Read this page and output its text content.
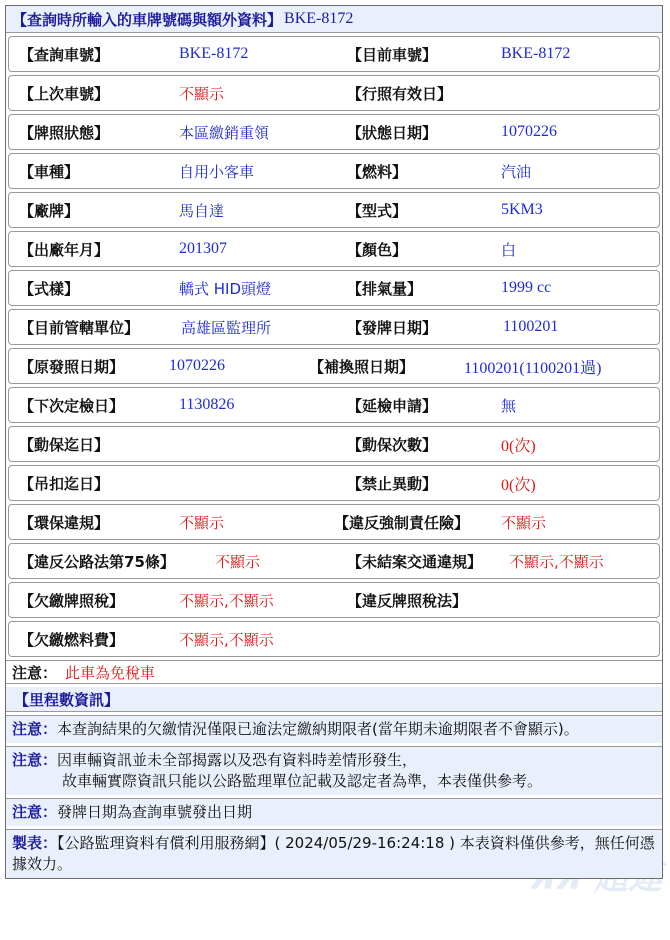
【查詢時所輸入的車牌號碼與額外資料】 BKE-8172
【查詢車號】	BKE-8172	【目前車號】	BKE-8172
【上次車號】	不顯示	【行照有效日】
【牌照狀態】	本區繳銷重領	【狀態日期】	1070226
【車種】	自用小客車	【燃料】	汽油
【廠牌】	馬自達	【型式】	5KM3
【出廠年月】	201307	【顏色】	白
【式樣】	轎式 HID頭燈	【排氣量】	1999 cc
【目前管轄單位】	高雄區監理所	【發牌日期】	1100201
【原發照日期】	1070226	【補換照日期】	1100201(1100201過)
【下次定檢日】	1130826	【延檢申請】	無
【動保迄日】	【動保次數】	0(次)
【吊扣迄日】	【禁止異動】	0(次)
【環保違規】	不顯示	【違反強制責任險】 不顯示
【違反公路法第75條】	不顯示	【未結案交通違規】 不顯示,不顯示
【欠繳牌照稅】	不顯示,不顯示	【違反牌照稅法】
【欠繳燃料費】	不顯示,不顯示
注意： 此車為免稅車
【里程數資訊】
注意：本查詢結果的欠繳情況僅限已逾法定繳納期限者(當年期未逾期限者不會顯示)。
注意：因車輛資訊並未全部揭露以及恐有資料時差情形發生，
故車輛實際資訊只能以公路監理單位記載及認定者為準，本表僅供參考。
注意：發牌日期為查詢車號發出日期
製表：【公路監理資料有償利用服務網】( 2024/05/29-16:24:18 ) 本表資料僅供參考，無任何憑據效力。
